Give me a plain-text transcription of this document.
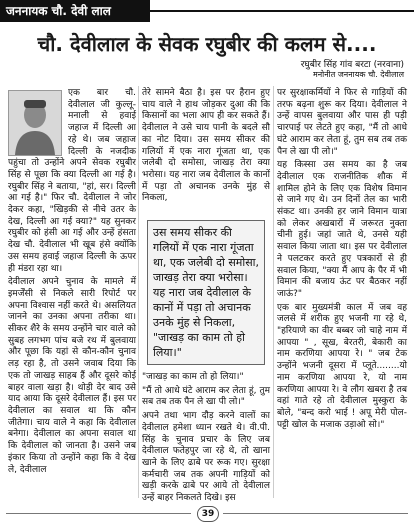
जननायक चौ. देवी लाल
चौ. देवीलाल के सेवक रघुबीर की कलम से....
रघुबीर सिंह गांव बरटा (नरवाना)
मनोनीत जननायक चौ. देवीलाल

एक बार चौ. देवीलाल जी कुल्लू-मनाली से हवाई जहाज में दिल्ली आ रहे थे। जब जहाज दिल्ली के नजदीक पहुंचा तो उन्होंने अपने सेवक रघुबीर सिंह से पूछा कि क्या दिल्ली आ गई है। रघुबीर सिंह ने बताया, "हां, सर। दिल्ली आ गई है।" फिर चौ. देवीलाल ने जोर देकर कहा, "खिड़की से नीचे उतर के देख, दिल्ली आ गई क्या?" यह सुनकर रघुबीर को हंसी आ गई और उन्हें हंसता देख चौ. देवीलाल भी खूब हंसे क्योंकि उस समय हवाई जहाज दिल्ली के ऊपर ही मंडरा रहा था।

देवीलाल अपने चुनाव के मामले में इमर्जेंसी से निकले सारी रिपोर्ट पर अपना विश्वास नहीं करते थे। असलियत जानने का उनका अपना तरीका था। सीकर शैरे के समय उन्होंने चार वाले को सुबह लगभग पांच बजे रथ में बुलवाया और पूछा कि यहां से कौन-कौन चुनाव लड़ रहा है, तो उसने जवाब दिया कि एक तो जाखड़ साहब हैं और दूसरे कोई बाहर वाला खड़ा है। थोड़ी देर बाद उसे याद आया कि दूसरे देवीलाल हैं। इस पर देवीलाल का सवाल था कि कौन जीतेगा। चाय वाले ने कहा कि देवीलाल बनेगा। देवीलाल का अपना सवाल था कि देवीलाल को जानता है। उसने जब इंकार किया तो उन्होंने कहा कि वे देख ले, देवीलाल

तेरे सामने बैठा है। इस पर हैरान हुए चाय वाले ने हाथ जोड़कर दुआ की कि किसानों का भला आप ही कर सकते हैं। देवीलाल ने उसे चाय पानी के बदले सौ का नोट दिया। उस समय सीकर की गलियों में एक नारा गूंजता था, एक जलेबी दो समोसा, जाखड़ तेरा क्या भरोसा। यह नारा जब देवीलाल के कानों में पड़ा तो अचानक उनके मुंह से निकला,

उस समय सीकर की गलियों में एक नारा गूंजता था, एक जलेबी दो समोसा, जाखड़ तेरा क्या भरोसा। यह नारा जब देवीलाल के कानों में पड़ा तो अचानक उनके मुंह से निकला, "जाखड़ का काम तो हो लिया।"

"जाखड़ का काम तो हो लिया।"

"मैं तो आधे घंटे आराम कर लेता हूं, तुम सब तब तक पैन ले खा पी लो।"

अपने तथा भाग दौड़ करने वालों का देवीलाल हमेशा ध्यान रखते थे। वी.पी. सिंह के चुनाव प्रचार के लिए जब देवीलाल फतेहपुर जा रहे थे, तो खाना खाने के लिए ढाबे पर रूक गए। सुरक्षा कर्मचारी जब तक अपनी गाड़ियों को खड़ी करके ढाबे पर आये तो देवीलाल उन्हें बाहर निकलते दिखे। इस

पर सुरक्षाकर्मियों ने फिर से गाड़ियों की तरफ बढ़ना शुरू कर दिया। देवीलाल ने उन्हें वापस बुलवाया और पास ही पड़ी चारपाई पर लेटते हुए कहा, "मैं तो आधे घंटे आराम कर लेता हूं, तुम सब तब तक पैन ले खा पी लो।"

यह किस्सा उस समय का है जब देवीलाल एक राजनीतिक शौक में शामिल होने के लिए एक विशेष विमान से जाने गए थे। उन दिनों तेल का भारी संकट था। उनकी हर जाने विमान यात्रा को लेकर अखबारों में जरूरत नुक्ता चीनी हुई। जहां जाते थे, उनसे यही सवाल किया जाता था। इस पर देवीलाल ने पलटकर करते हुए पत्रकारों से ही सवाल किया, "क्या मैं आप के पैर में भी विमान की बजाय ऊंट पर बैठकर नहीं जाऊं?"

एक बार मुख्यमंत्री काल में जब वह जलसे में शरीक हुए भजनी गा रहे थे, "हरियाणे का वीर बब्बर जो चाहे नाम में आपया " , सूख, बेरतरी, बेकारी का नाम करणिया आपया रे। " जब टेक उन्होंने भजनी दूसरा में प्लूते........यो नाम करणिया आपया रे, यो नाम करणिया आपया रे। वे लौग खबरा है तब वहां गाते रहे तो देवीलाल मुस्कुरा के बोले, "बन्द करो भाई ! अपू मेरी पोल-पट्टी खोल के मजाक उड़ाओ सो।"

39
